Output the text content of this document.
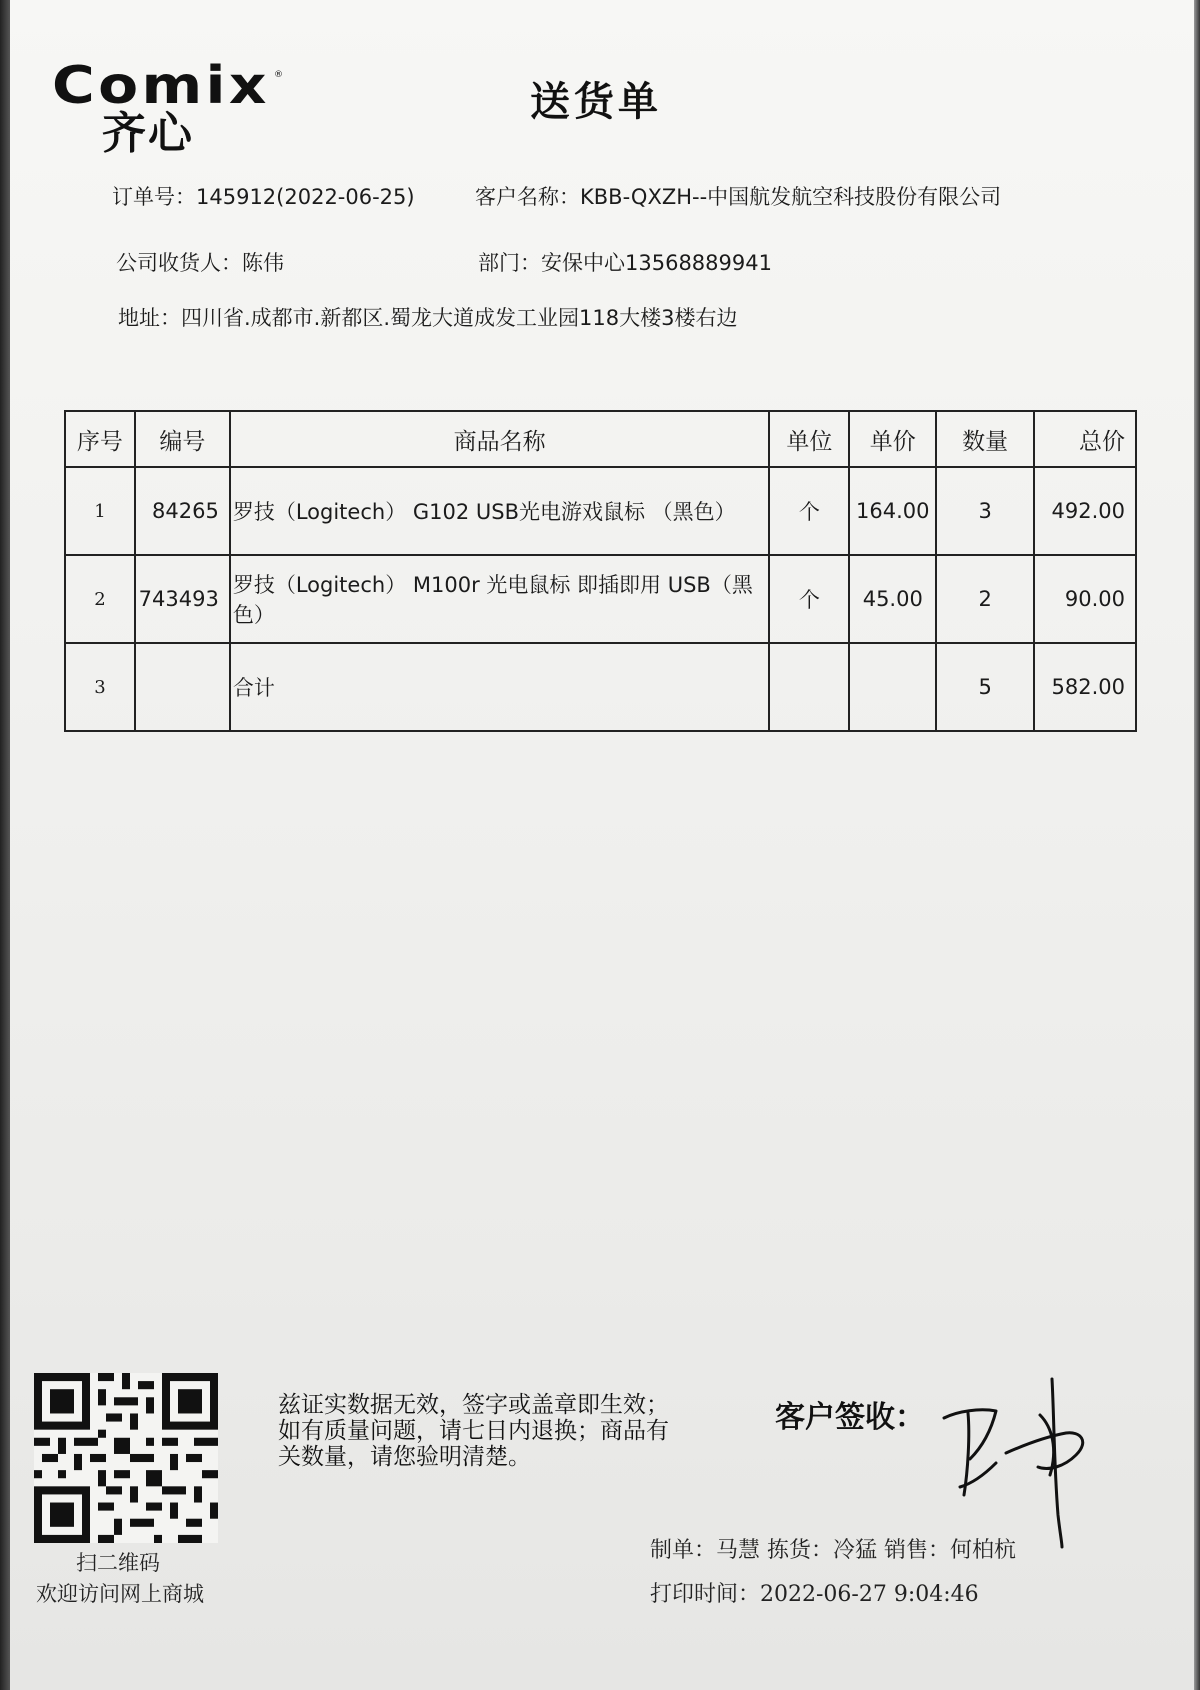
Comix ®
齐心
送货单
订单号：145912(2022-06-25)	客户名称：KBB-QXZH--中国航发航空科技股份有限公司
公司收货人：陈伟	部门：安保中心13568889941
地址：四川省.成都市.新都区.蜀龙大道成发工业园118大楼3楼右边
序号	编号	商品名称	单位	单价	数量	总价
1	84265	罗技（Logitech） G102 USB光电游戏鼠标 （黑色）	个	164.00	3	492.00
2	743493	罗技（Logitech） M100r 光电鼠标 即插即用 USB（黑色）	个	45.00	2	90.00
3		合计			5	582.00
扫二维码
欢迎访问网上商城
兹证实数据无效，签字或盖章即生效；如有质量问题，请七日内退换；商品有关数量，请您验明清楚。
客户签收：
制单：马慧 拣货：冷猛 销售：何柏杭
打印时间：2022-06-27 9:04:46
